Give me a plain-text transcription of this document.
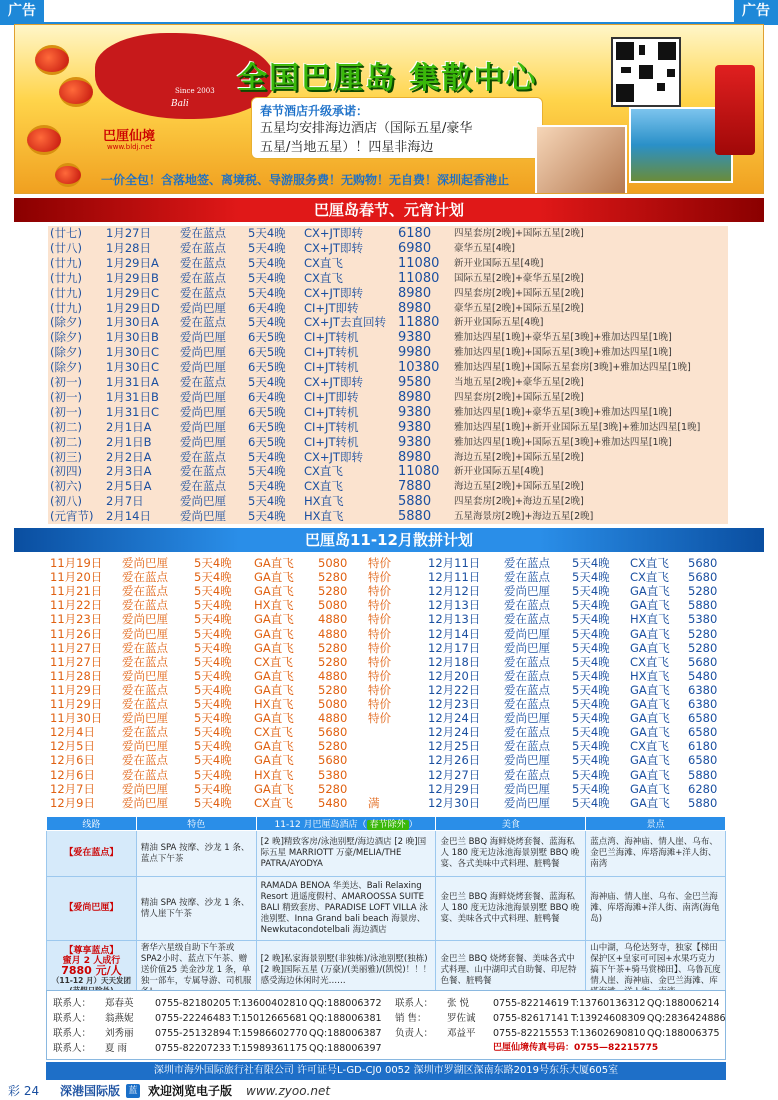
广告	广告
Since 2003
Bali
巴厘仙境
www.bldj.net
全国巴厘岛 集散中心
春节酒店升级承诺：
五星均安排海边酒店（国际五星/豪华
五星/当地五星）！四星非海边
一价全包！含落地签、离境税、导游服务费！无购物！无自费！深圳起香港止
巴厘岛春节、元宵计划
(廿七) 1月27日	爱在蓝点 5天4晚 CX+JT即转	6180 四星套房[2晚]+国际五星[2晚]
(廿八) 1月28日	爱在蓝点 5天4晚 CX+JT即转	6980 豪华五星[4晚]
(廿九) 1月29日A 爱在蓝点 5天4晚 CX直飞	11080 新开业国际五星[4晚]
(廿九) 1月29日B 爱在蓝点 5天4晚 CX直飞	11080 国际五星[2晚]+豪华五星[2晚]
(廿九) 1月29日C 爱在蓝点 5天4晚 CX+JT即转	8980 四星套房[2晚]+国际五星[2晚]
(廿九) 1月29日D 爱尚巴厘 6天4晚 CI+JT即转	8980 豪华五星[2晚]+国际五星[2晚]
(除夕) 1月30日A 爱在蓝点 5天4晚 CX+JT去直回转 11880 新开业国际五星[4晚]
(除夕) 1月30日B 爱尚巴厘 6天5晚 CI+JT转机	9380 雅加达四星[1晚]+豪华五星[3晚]+雅加达四星[1晚]
(除夕) 1月30日C 爱尚巴厘 6天5晚 CI+JT转机	9980 雅加达四星[1晚]+国际五星[3晚]+雅加达四星[1晚]
(除夕) 1月30日C 爱尚巴厘 6天5晚 CI+JT转机	10380 雅加达四星[1晚]+国际五星套房[3晚]+雅加达四星[1晚]
(初一) 1月31日A 爱在蓝点 5天4晚 CX+JT即转	9580 当地五星[2晚]+豪华五星[2晚]
(初一) 1月31日B 爱尚巴厘 6天4晚 CI+JT即转	8980 四星套房[2晚]+国际五星[2晚]
(初一) 1月31日C 爱尚巴厘 6天5晚 CI+JT转机	9380 雅加达四星[1晚]+豪华五星[3晚]+雅加达四星[1晚]
(初二) 2月1日A 爱尚巴厘 6天5晚 CI+JT转机	9380 雅加达四星[1晚]+新开业国际五星[3晚]+雅加达四星[1晚]
(初二) 2月1日B 爱尚巴厘 6天5晚 CI+JT转机	9380 雅加达四星[1晚]+国际五星[3晚]+雅加达四星[1晚]
(初三) 2月2日A 爱在蓝点 5天4晚 CX+JT即转	8980 海边五星[2晚]+国际五星[2晚]
(初四) 2月3日A 爱在蓝点 5天4晚 CX直飞	11080 新开业国际五星[4晚]
(初六) 2月5日A 爱在蓝点 5天4晚 CX直飞	7880 海边五星[2晚]+国际五星[2晚]
(初八) 2月7日	爱尚巴厘 5天4晚 HX直飞	5880 四星套房[2晚]+海边五星[2晚]
(元宵节) 2月14日	爱尚巴厘 5天4晚 HX直飞	5880 五星海景房[2晚]+海边五星[2晚]
巴厘岛11-12月散拼计划
11月19日 爱尚巴厘 5天4晚 GA直飞 5080 特价	12月11日 爱在蓝点 5天4晚 CX直飞 5680
11月20日 爱在蓝点 5天4晚 GA直飞 5280 特价	12月11日 爱在蓝点 5天4晚 CX直飞 5680
11月21日 爱在蓝点 5天4晚 GA直飞 5280 特价	12月12日 爱尚巴厘 5天4晚 GA直飞 5280
11月22日 爱在蓝点 5天4晚 HX直飞 5080 特价	12月13日 爱在蓝点 5天4晚 GA直飞 5880
11月23日 爱尚巴厘 5天4晚 GA直飞 4880 特价	12月13日 爱在蓝点 5天4晚 HX直飞 5380
11月26日 爱尚巴厘 5天4晚 GA直飞 4880 特价	12月14日 爱尚巴厘 5天4晚 GA直飞 5280
11月27日 爱在蓝点 5天4晚 GA直飞 5280 特价	12月17日 爱尚巴厘 5天4晚 GA直飞 5280
11月27日 爱在蓝点 5天4晚 CX直飞 5280 特价	12月18日 爱在蓝点 5天4晚 CX直飞 5680
11月28日 爱尚巴厘 5天4晚 GA直飞 4880 特价	12月20日 爱在蓝点 5天4晚 HX直飞 5480
11月29日 爱在蓝点 5天4晚 GA直飞 5280 特价	12月22日 爱在蓝点 5天4晚 GA直飞 6380
11月29日 爱在蓝点 5天4晚 HX直飞 5080 特价	12月23日 爱在蓝点 5天4晚 GA直飞 6380
11月30日 爱尚巴厘 5天4晚 GA直飞 4880 特价	12月24日 爱尚巴厘 5天4晚 GA直飞 6580
12月4日 爱在蓝点 5天4晚 CX直飞 5680	12月24日 爱在蓝点 5天4晚 GA直飞 6580
12月5日 爱尚巴厘 5天4晚 GA直飞 5280	12月25日 爱在蓝点 5天4晚 CX直飞 6180
12月6日 爱在蓝点 5天4晚 GA直飞 5680	12月26日 爱尚巴厘 5天4晚 GA直飞 6580
12月6日 爱在蓝点 5天4晚 HX直飞 5380	12月27日 爱在蓝点 5天4晚 GA直飞 5880
12月7日 爱尚巴厘 5天4晚 GA直飞 5280	12月29日 爱尚巴厘 5天4晚 GA直飞 6280
12月9日 爱尚巴厘 5天4晚 CX直飞 5480 满	12月30日 爱尚巴厘 5天4晚 GA直飞 5880
线路	特色	11-12 月巴厘岛酒店（ 春节除外 ）	美食	景点
【爱在蓝点】	精油 SPA 按摩、沙龙 1 条、蓝点下午茶	[2 晚]精致客房/泳池别墅/海边酒店 [2 晚]国际五星 MARRIOTT 万豪/MELIA/THE PATRA/AYODYA	金巴兰 BBQ 海鲜烧烤套餐、蓝海私人 180 度无边泳池海景别墅 BBQ 晚宴、各式美味中式料理、脏鸭餐	蓝点湾、海神庙、情人崖、乌布、金巴兰海滩、库塔海滩+洋人街、南湾
【爱尚巴厘】	精油 SPA 按摩、沙龙 1 条、情人崖下午茶	RAMADA BENOA 华美达、Bali Relaxing Resort 逍遥度假村、AMAROOSSA SUITE BALI 精致套房、PARADISE LOFT VILLA 泳池别墅、Inna Grand bali beach 海景房、Newkutacondotelbali 海边酒店	金巴兰 BBQ 海鲜烧烤套餐、蓝海私人 180 度无边泳池海景别墅 BBQ 晚宴、美味各式中式料理、脏鸭餐	海神庙、情人崖、乌布、金巴兰海滩、库塔海滩+洋人街、南湾(海龟岛)

【尊享蓝点】
蜜月 2 人成行
7880 元/人
（11-12 月）天天发团	奢华六星级自助下午茶或SPA2小时、蓝点下午茶、赠送价值25 美金沙龙 1 条，单独一部车，专属导游、司机服	[2 晚]私家海景别墅(非独栋)/泳池别墅(独栋) [2 晚]国际五星 (万豪)/(美丽雅)/(凯悦)！！！感受海边休闲时光……	金巴兰 BBQ 烧烤套餐、美味各式中式料理、山中湖印式自助餐、印尼特色餐、脏鸭餐	山中湖，乌伦达努寺，独家【梯田保护区+皇家可可园+水果巧克力搞下午茶+骑马赏梯田】、乌鲁瓦度情人崖、海神庙、金巴兰海滩、库
联系人： 郑春英 0755-82180205 T:13600402810 QQ:188006372 联系人： 张 悦	0755-82214619 T:13760136312 QQ:188006214
联系人： 翁燕妮 0755-22246483 T:15012665681 QQ:188006381 销 售： 罗佐诚 0755-82617141 T:13924608309 QQ:2836424886
联系人： 刘秀丽 0755-25132894 T:15986602770 QQ:188006387 负责人： 邓益平 0755-82215553 T:13602690810 QQ:188006375
联系人： 夏 雨	0755-82207233 T:15989361175 QQ:188006397	巴厘仙境传真号码：0755—82215775
深圳市海外国际旅行社有限公司 许可证号L-GD-CJ0 0052 深圳市罗湖区深南东路2019号东乐大厦605室
彩 24 深港国际版 蓝 欢迎浏览电子版 www.zyoo.net
